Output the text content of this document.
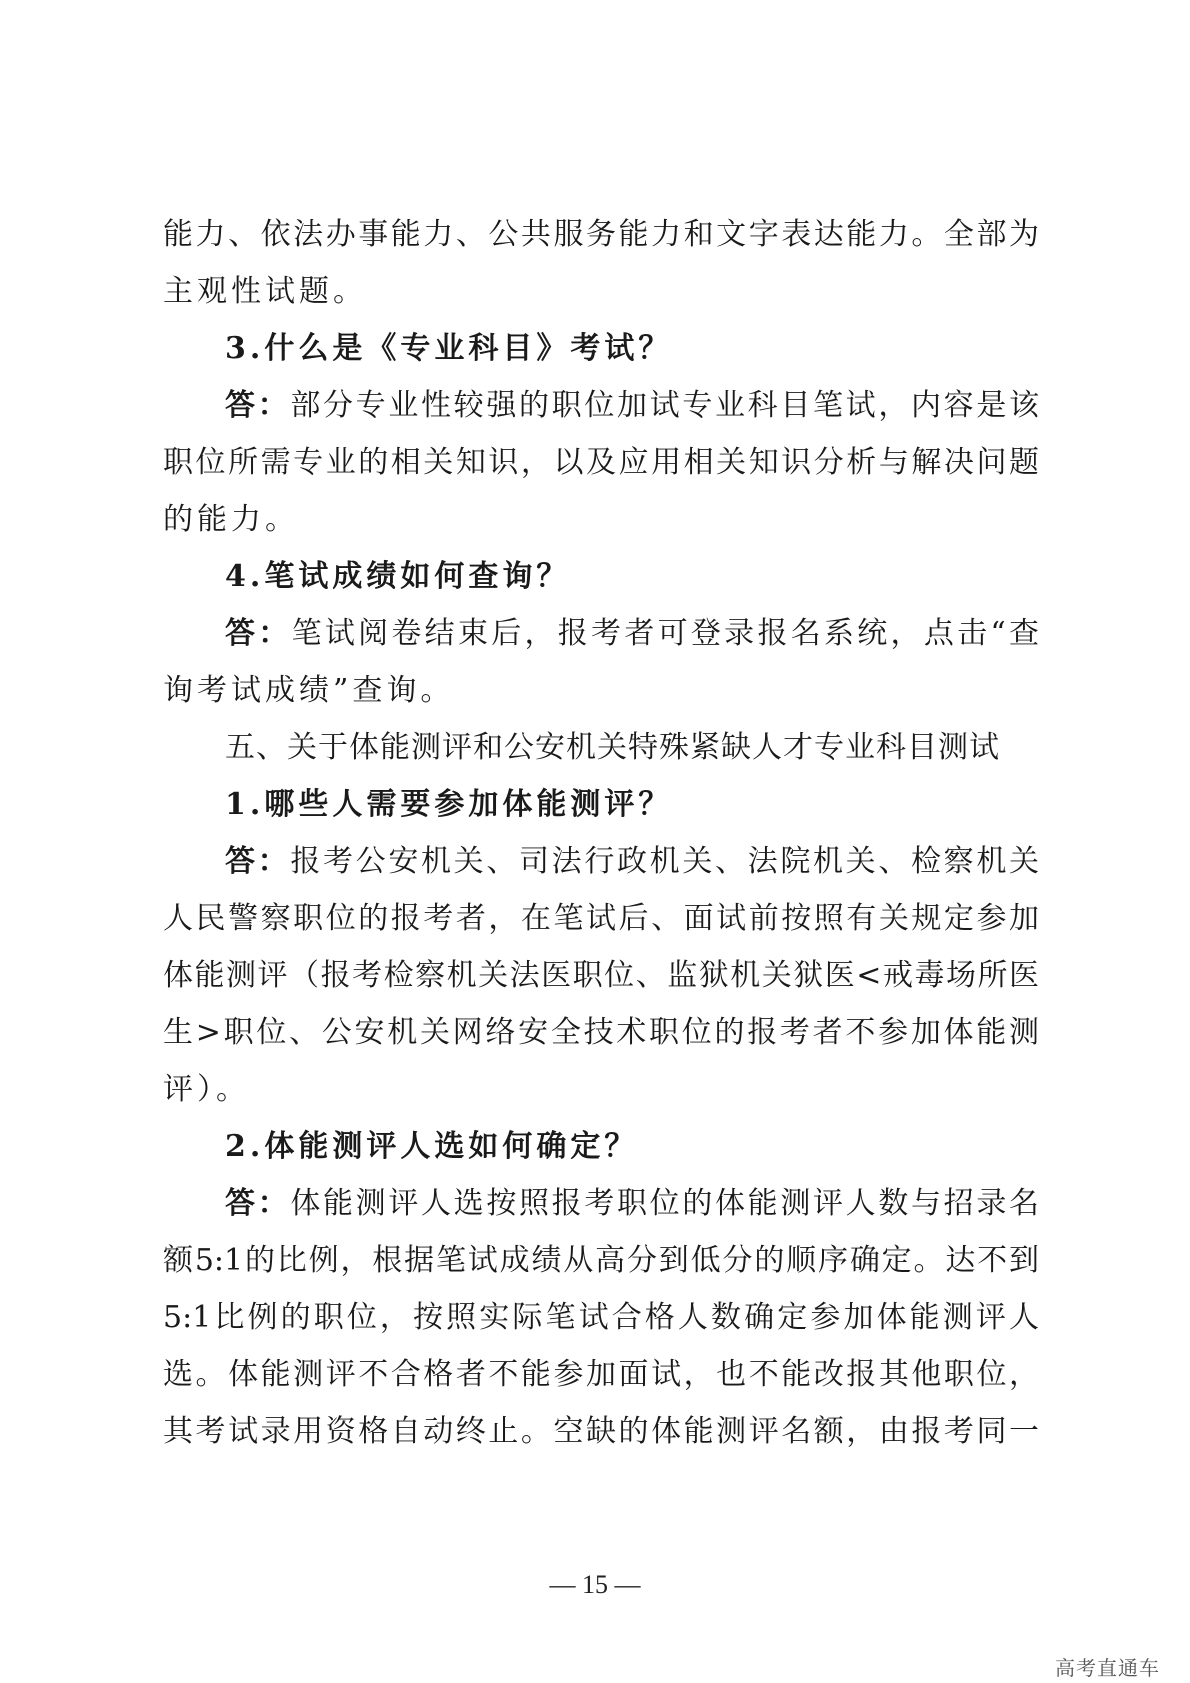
能力、依法办事能力、公共服务能力和文字表达能力。全部为
主观性试题。
3.什么是《专业科目》考试？
答：部分专业性较强的职位加试专业科目笔试，内容是该
职位所需专业的相关知识，以及应用相关知识分析与解决问题
的能力。
4.笔试成绩如何查询？
答：笔试阅卷结束后，报考者可登录报名系统，点击“查
询考试成绩”查询。
五、关于体能测评和公安机关特殊紧缺人才专业科目测试
1.哪些人需要参加体能测评？
答：报考公安机关、司法行政机关、法院机关、检察机关
人民警察职位的报考者，在笔试后、面试前按照有关规定参加
体能测评（报考检察机关法医职位、监狱机关狱医<戒毒场所医
生>职位、公安机关网络安全技术职位的报考者不参加体能测
评）。
2.体能测评人选如何确定？
答：体能测评人选按照报考职位的体能测评人数与招录名
额5:1的比例，根据笔试成绩从高分到低分的顺序确定。达不到
5:1比例的职位，按照实际笔试合格人数确定参加体能测评人
选。体能测评不合格者不能参加面试，也不能改报其他职位，
其考试录用资格自动终止。空缺的体能测评名额，由报考同一
— 15 —
高考直通车
